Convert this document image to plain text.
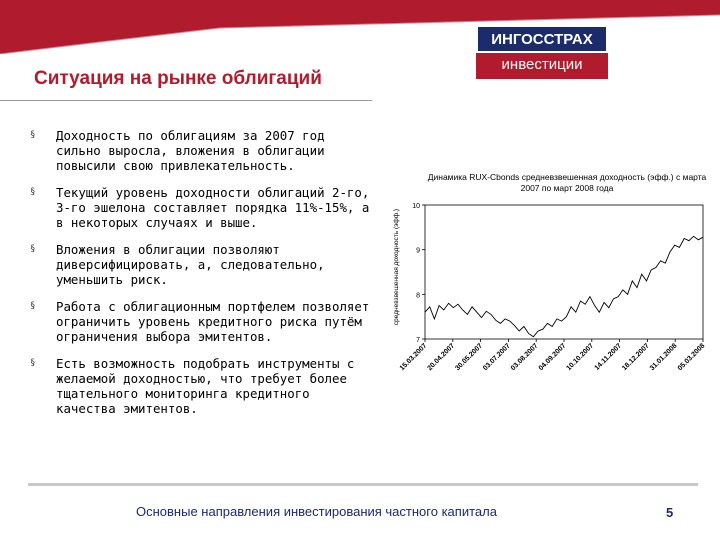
ИНГОССТРАХ
инвестиции
Ситуация на рынке облигаций
§ Доходность по облигациям за 2007 год сильно выросла, вложения в облигации повысили свою привлекательность.
§ Текущий уровень доходности облигаций 2-го, 3-го эшелона составляет порядка 11%-15%, а в некоторых случаях и выше.
§ Вложения в облигации позволяют диверсифицировать, а, следовательно, уменьшить риск.
§ Работа с облигационным портфелем позволяет ограничить уровень кредитного риска путём ограничения выбора эмитентов.
§ Есть возможность подобрать инструменты с желаемой доходностью, что требует более тщательного мониторинга кредитного качества эмитентов.
Динамика RUX-Cbonds средневзвешенная доходность (эфф.) с марта 2007 по март 2008 года
средневзвешенная доходность (эфф.)
7
8
9
10
15.03.2007
20.04.2007
30.05.2007
03.07.2007
03.08.2007
04.09.2007
10.10.2007
14.11.2007
18.12.2007
31.01.2008
05.03.2008
Основные направления инвестирования частного капитала	5
